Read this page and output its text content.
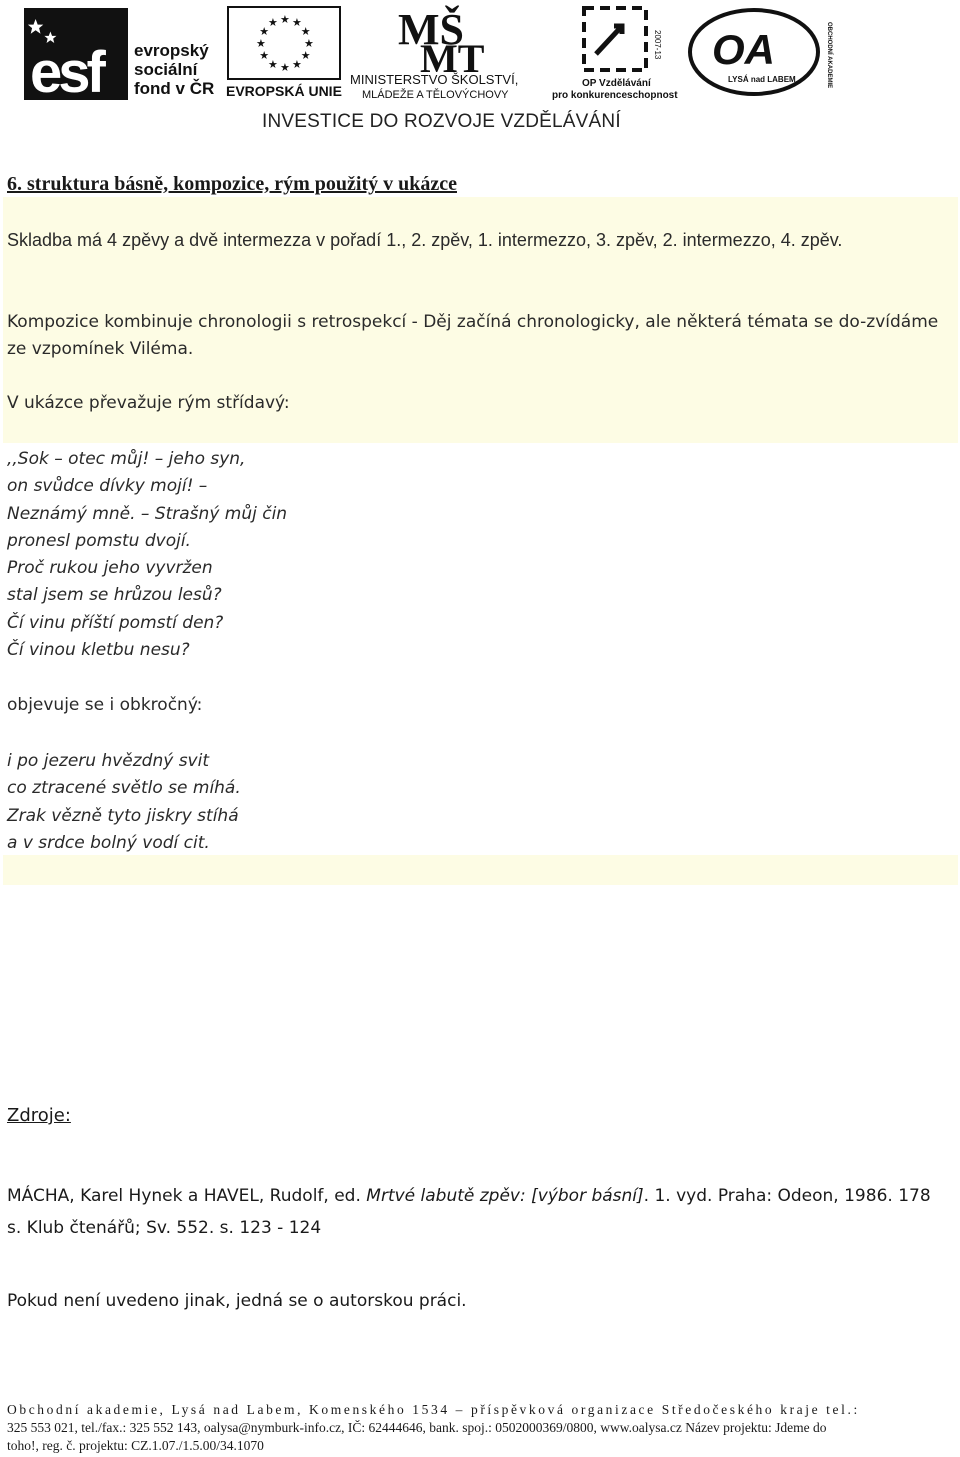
esf evropský
sociální
fond v ČR
★ ★
★
★
★
★
★
★
★
★
★
★
EVROPSKÁ UNIE
MŠ
MT
MINISTERSTVO ŠKOLSTVÍ,
MLÁDEŽE A TĚLOVÝCHOVY
2007-13
OP Vzdělávání
pro konkurenceschopnost
OA
LYSÁ nad LABEM	OBCHODNÍ AKADEMIE
INVESTICE DO ROZVOJE VZDĚLÁVÁNÍ
6. struktura básně, kompozice, rým použitý v ukázce
Skladba má 4 zpěvy a dvě intermezza v pořadí 1., 2. zpěv, 1. intermezzo, 3. zpěv, 2. intermezzo, 4. zpěv.
Kompozice kombinuje chronologii s retrospekcí - Děj začíná chronologicky, ale některá témata se do-zvídáme ze vzpomínek Viléma.
V ukázce převažuje rým střídavý:
,,Sok – otec můj! – jeho syn,
on svůdce dívky mojí! –
Neznámý mně. – Strašný můj čin
pronesl pomstu dvojí.
Proč rukou jeho vyvržen
stal jsem se hrůzou lesů?
Čí vinu příští pomstí den?
Čí vinou kletbu nesu?
objevuje se i obkročný:
i po jezeru hvězdný svit
co ztracené světlo se míhá.
Zrak vězně tyto jiskry stíhá
a v srdce bolný vodí cit.
Zdroje:
MÁCHA, Karel Hynek a HAVEL, Rudolf, ed. Mrtvé labutě zpěv: [výbor básní]. 1. vyd. Praha: Odeon, 1986. 178 s. Klub čtenářů; Sv. 552. s. 123 - 124
Pokud není uvedeno jinak, jedná se o autorskou práci.
Obchodní akademie, Lysá nad Labem, Komenského 1534 – příspěvková organizace Středočeského kraje tel.:
325 553 021, tel./fax.: 325 552 143, oalysa@nymburk-info.cz, IČ: 62444646, bank. spoj.: 0502000369/0800, www.oalysa.cz Název projektu: Jdeme do
toho!, reg. č. projektu: CZ.1.07./1.5.00/34.1070
